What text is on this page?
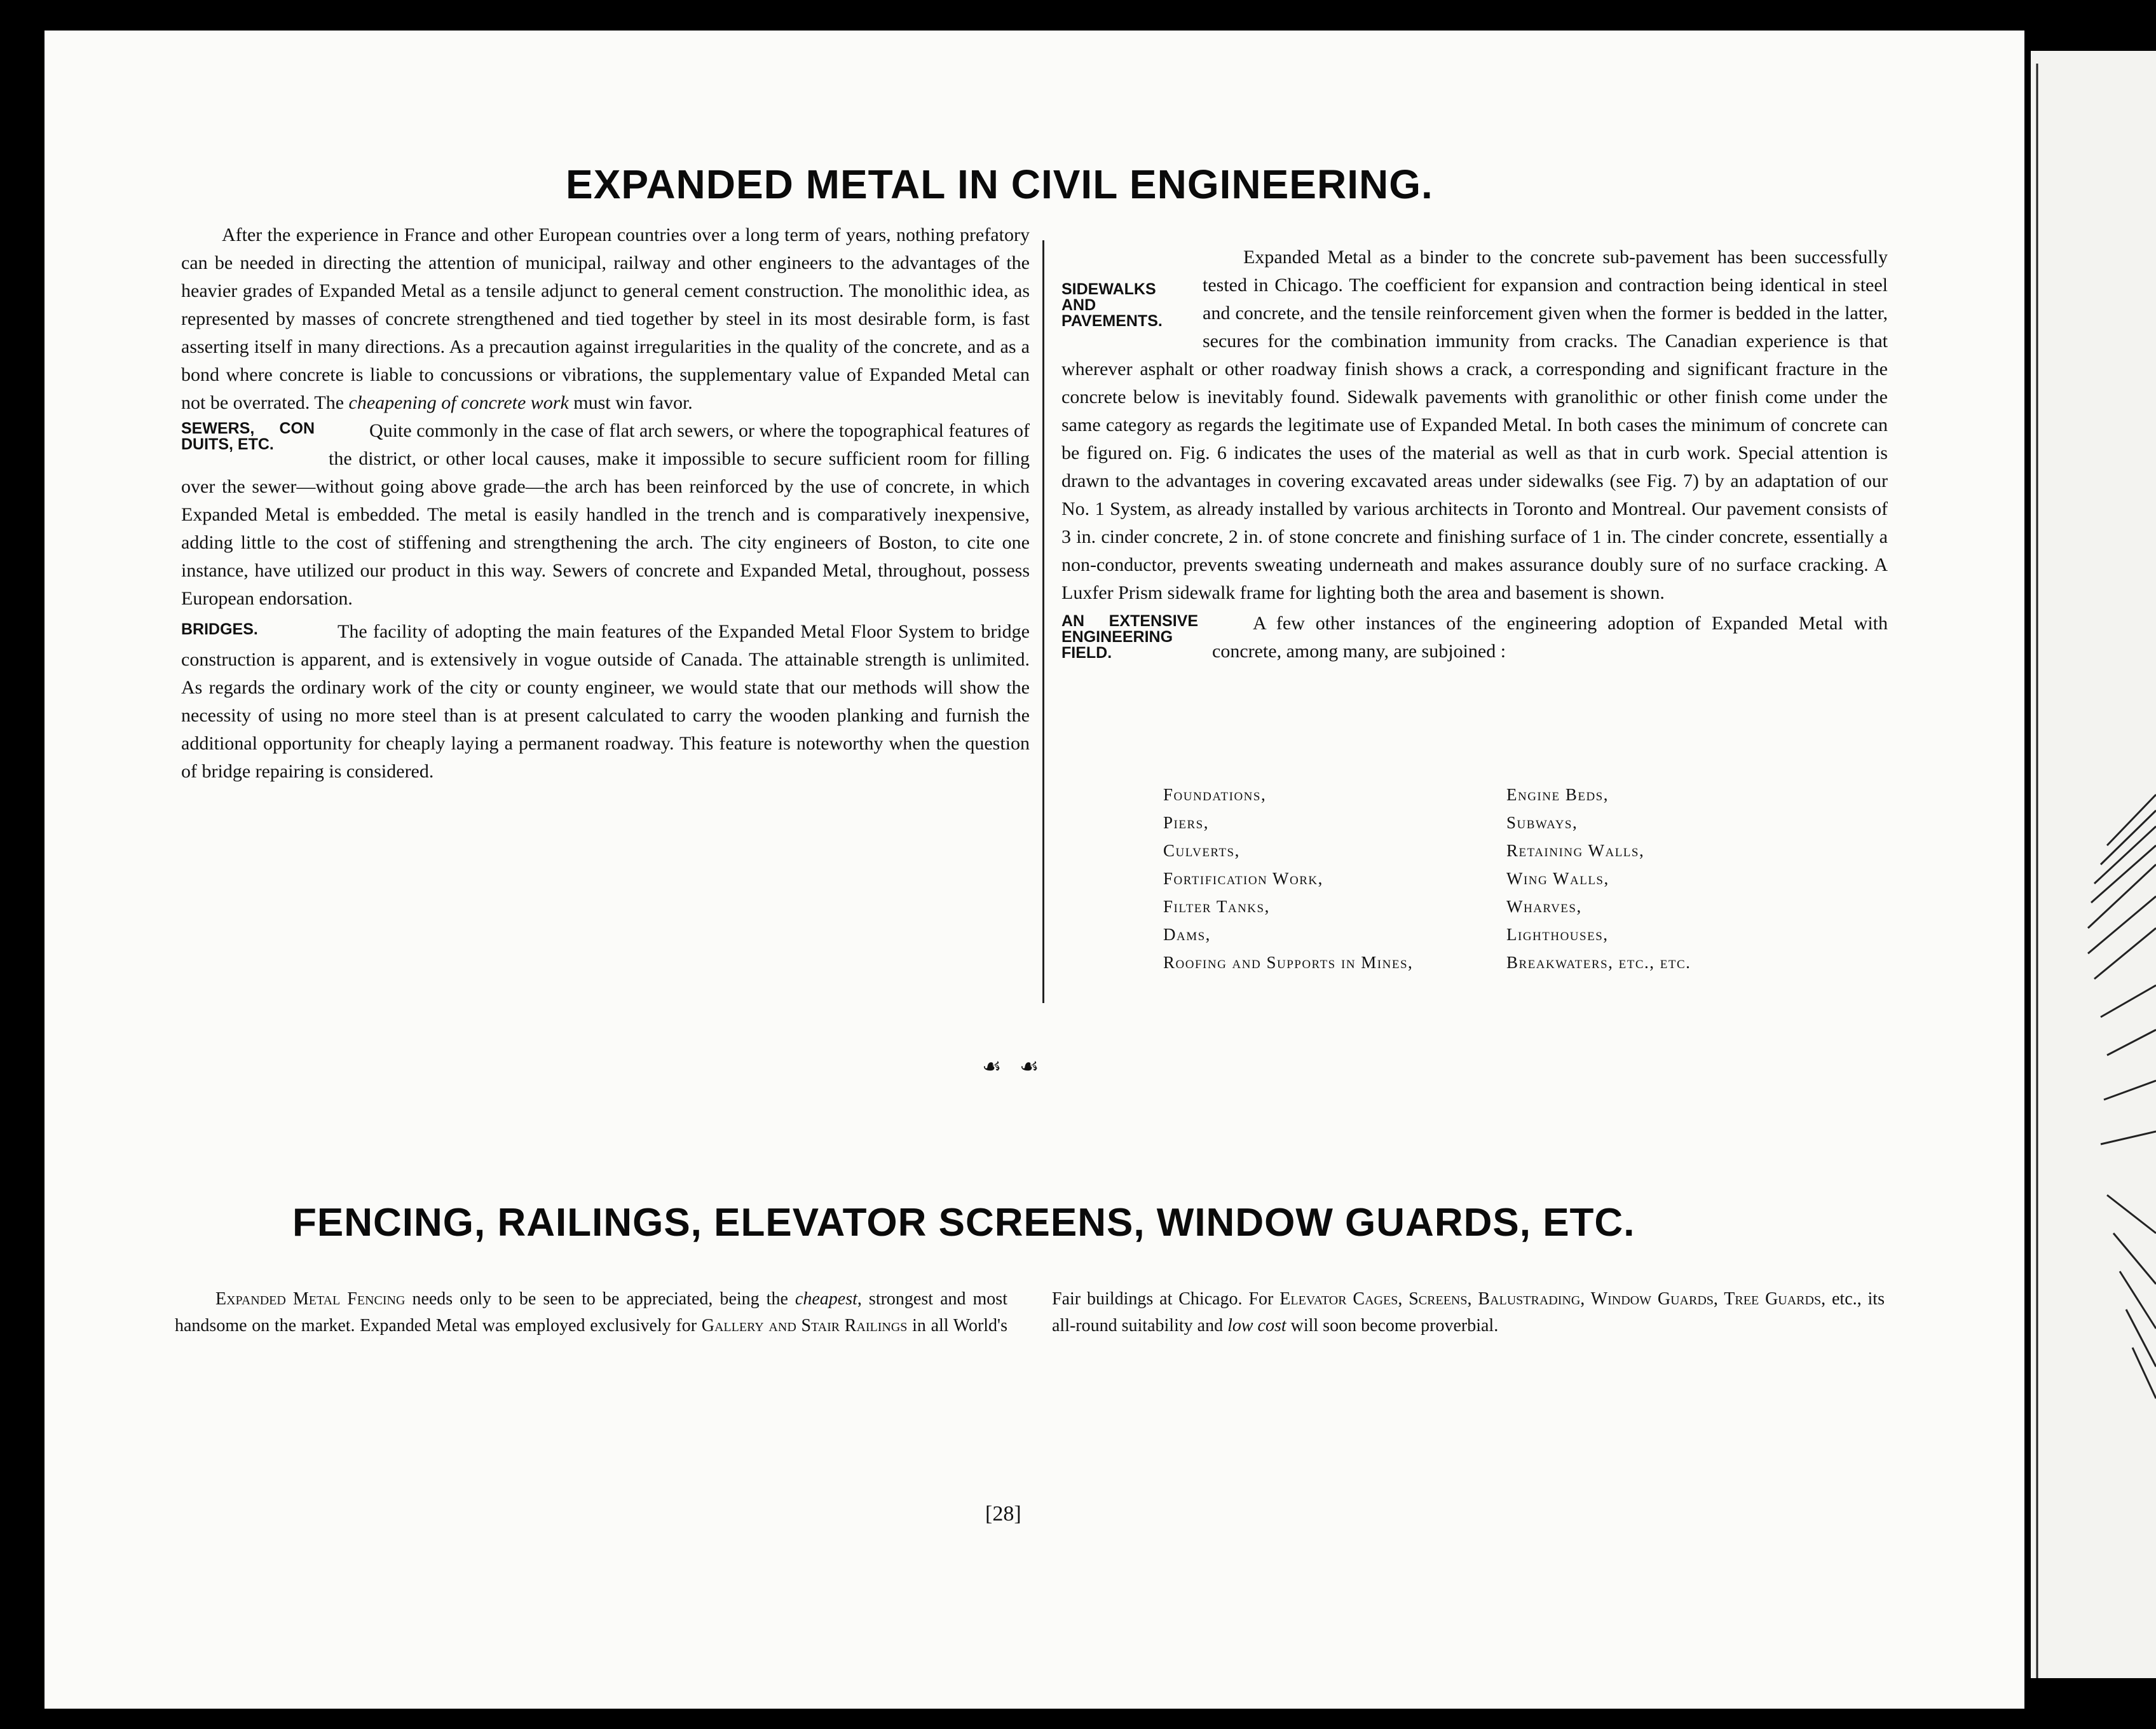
EXPANDED METAL IN CIVIL ENGINEERING.

After the experience in France and other European countries over a long term of years, nothing prefatory can be needed in directing the attention of municipal, railway and other engineers to the advantages of the heavier grades of Expanded Metal as a tensile adjunct to general cement construction. The monolithic idea, as represented by masses of concrete strengthened and tied together by steel in its most desirable form, is fast asserting itself in many directions. As a precaution against irregularities in the quality of the concrete, and as a bond where concrete is liable to concussions or vibrations, the supplementary value of Expanded Metal can not be overrated. The cheapening of concrete work must win favor.

SEWERS, CON DUITS, ETC.
Quite commonly in the case of flat arch sewers, or where the topographical features of the district, or other local causes, make it impossible to secure sufficient room for filling over the sewer—without going above grade—the arch has been reinforced by the use of concrete, in which Expanded Metal is embedded. The metal is easily handled in the trench and is comparatively inexpensive, adding little to the cost of stiffening and strengthening the arch. The city engineers of Boston, to cite one instance, have utilized our product in this way. Sewers of concrete and Expanded Metal, throughout, possess European endorsation.

BRIDGES.	The facility of adopting the main features of the Expanded Metal Floor System to bridge construction is apparent, and is extensively in vogue outside of Canada. The attainable strength is unlimited. As regards the ordinary work of the city or county engineer, we would state that our methods will show the necessity of using no more steel than is at present calculated to carry the wooden planking and furnish the additional opportunity for cheaply laying a permanent roadway. This feature is noteworthy when the question of bridge repairing is considered.

SIDEWALKS AND PAVEMENTS.
Expanded Metal as a binder to the concrete sub-pavement has been successfully tested in Chicago. The coefficient for expansion and contraction being identical in steel and concrete, and the tensile reinforcement given when the former is bedded in the latter, secures for the combination immunity from cracks. The Canadian experience is that wherever asphalt or other roadway finish shows a crack, a corresponding and significant fracture in the concrete below is inevitably found. Sidewalk pavements with granolithic or other finish come under the same category as regards the legitimate use of Expanded Metal. In both cases the minimum of concrete can be figured on. Fig. 6 indicates the uses of the material as well as that in curb work. Special attention is drawn to the advantages in covering excavated areas under sidewalks (see Fig. 7) by an adaptation of our No. 1 System, as already installed by various architects in Toronto and Montreal. Our pavement consists of 3 in. cinder concrete, 2 in. of stone concrete and finishing surface of 1 in. The cinder concrete, essentially a non-conductor, prevents sweating underneath and makes assurance doubly sure of no surface cracking. A Luxfer Prism sidewalk frame for lighting both the area and basement is shown.

AN EXTENSIVE ENGINEERING FIELD.
A few other instances of the engineering adoption of Expanded Metal with concrete, among many, are subjoined :

Foundations,	Engine Beds,
Piers,	Subways,
Culverts,	Retaining Walls,
Fortification Work,	Wing Walls,
Filter Tanks,	Wharves,
Dams,	Lighthouses,
Roofing and Supports in Mines,	Breakwaters, etc., etc.
☙ ☙
FENCING, RAILINGS, ELEVATOR SCREENS, WINDOW GUARDS, ETC.

Expanded Metal Fencing needs only to be seen to be appreciated, being the cheapest, strongest and most handsome on the market. Expanded Metal was employed exclusively for Gallery and Stair Railings in all World's Fair buildings at Chicago. For Elevator Cages, Screens, Balustrading, Window Guards, Tree Guards, etc., its all-round suitability and low cost will soon become proverbial.

[28]
